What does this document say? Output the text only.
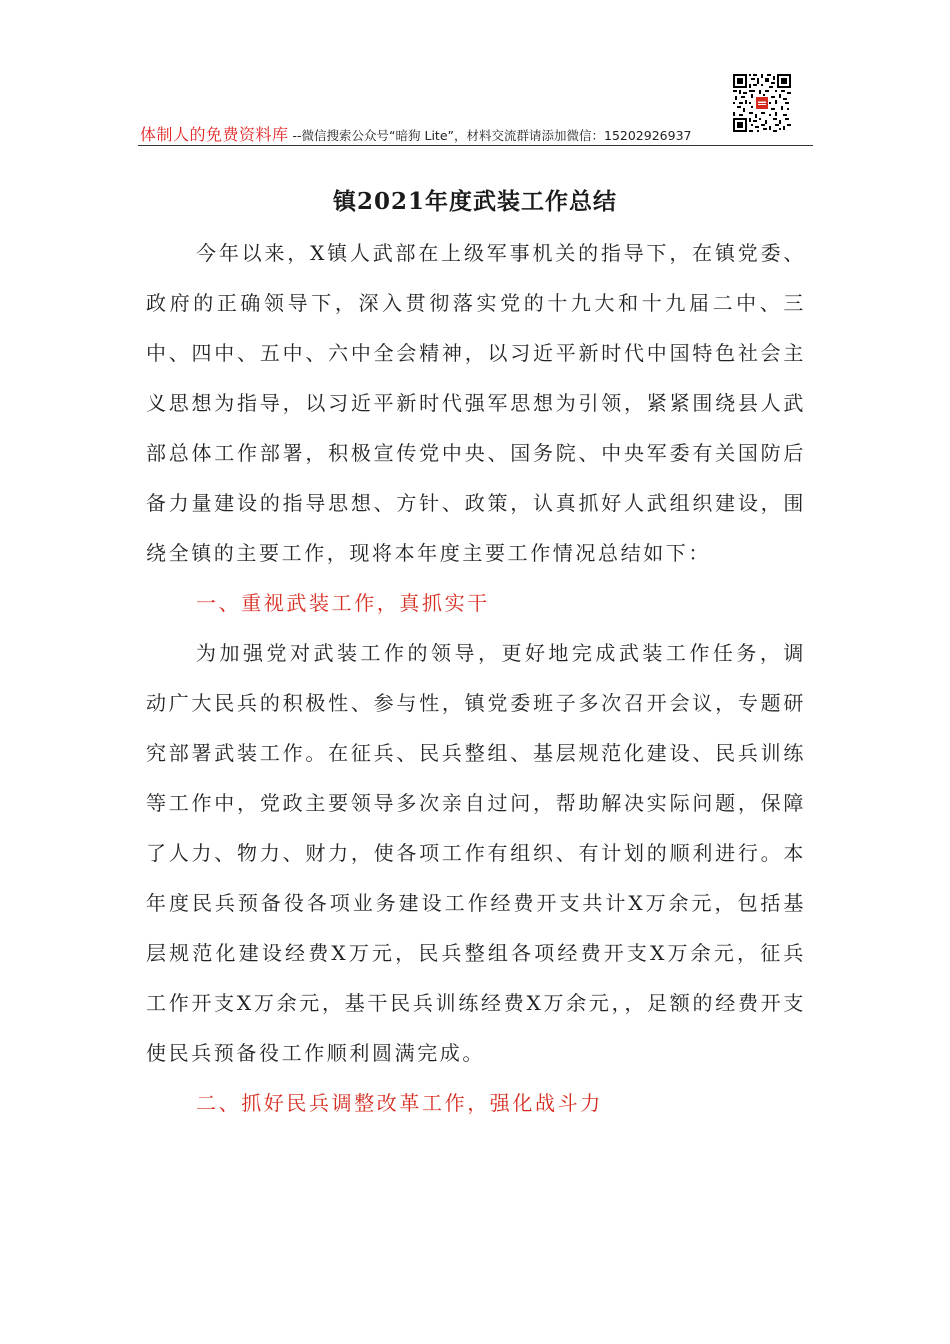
体制人的免费资料库 --微信搜索公众号“暗狗 Lite”，材料交流群请添加微信：15202926937
镇2021年度武装工作总结

今年以来，X镇人武部在上级军事机关的指导下，在镇党委、政府的正确领导下，深入贯彻落实党的十九大和十九届二中、三中、四中、五中、六中全会精神，以习近平新时代中国特色社会主义思想为指导，以习近平新时代强军思想为引领，紧紧围绕县人武部总体工作部署，积极宣传党中央、国务院、中央军委有关国防后备力量建设的指导思想、方针、政策，认真抓好人武组织建设，围绕全镇的主要工作，现将本年度主要工作情况总结如下：

一、重视武装工作，真抓实干

为加强党对武装工作的领导，更好地完成武装工作任务，调动广大民兵的积极性、参与性，镇党委班子多次召开会议，专题研究部署武装工作。在征兵、民兵整组、基层规范化建设、民兵训练等工作中，党政主要领导多次亲自过问，帮助解决实际问题，保障了人力、物力、财力，使各项工作有组织、有计划的顺利进行。本年度民兵预备役各项业务建设工作经费开支共计X万余元，包括基层规范化建设经费X万元，民兵整组各项经费开支X万余元，征兵工作开支X万余元，基干民兵训练经费X万余元，，足额的经费开支使民兵预备役工作顺利圆满完成。

二、抓好民兵调整改革工作，强化战斗力
